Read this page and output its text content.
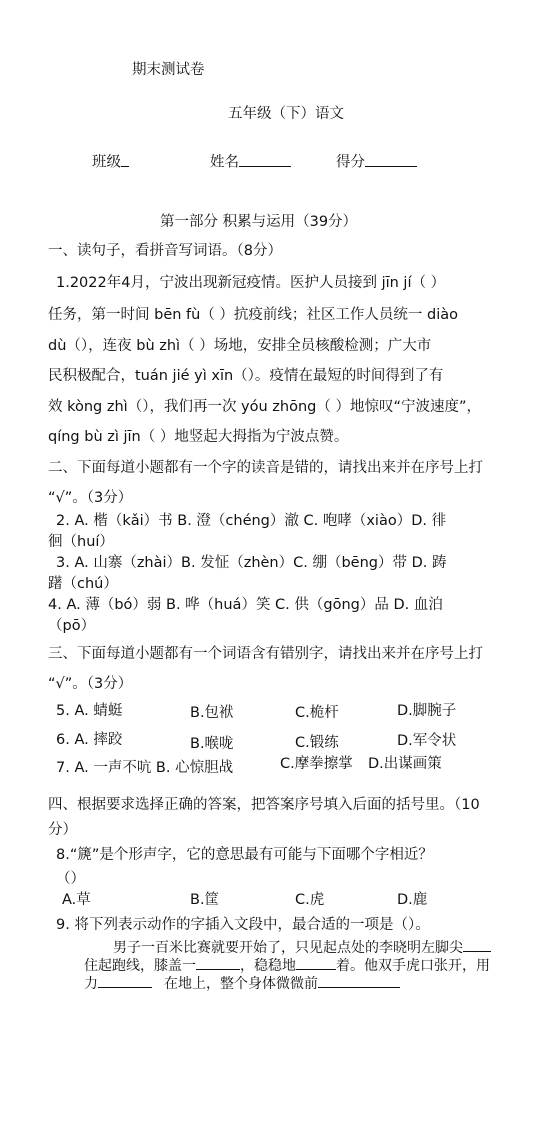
期末测试卷
五年级（下）语文
班级	姓名	得分
第一部分 积累与运用（39分）
一、读句子，看拼音写词语。（8分）
1.2022年4月，宁波出现新冠疫情。医护人员接到 jīn jí（ ）
任务，第一时间 bēn fù（ ）抗疫前线；社区工作人员统一 diào
dù（），连夜 bù zhì（ ）场地，安排全员核酸检测；广大市
民积极配合，tuán jié yì xīn（）。疫情在最短的时间得到了有
效 kòng zhì（），我们再一次 yóu zhōng（ ）地惊叹“宁波速度”，
qíng bù zì jīn（ ）地竖起大拇指为宁波点赞。
二、下面每道小题都有一个字的读音是错的，请找出来并在序号上打
“√”。（3分）
2. A. 楷（kǎi）书 B. 澄（chéng）澈 C. 咆哮（xiào）D. 徘
徊（huí）
3. A. 山寨（zhài）B. 发怔（zhèn）C. 绷（bēng）带 D. 踌
躇（chú）
4. A. 薄（bó）弱 B. 哗（huá）笑 C. 供（gōng）品 D. 血泊
（pō）
三、下面每道小题都有一个词语含有错别字，请找出来并在序号上打
“√”。（3分）
5. A. 蜻蜓	B.包袱	C.桅杆	D.脚腕子
6. A. 摔跤	B.喉咙	C.锻练	D.军令状
7. A. 一声不吭 B. 心惊胆战	C.摩拳擦掌 D.出谋画策
四、根据要求选择正确的答案，把答案序号填入后面的括号里。（10
分）
8.“篪”是个形声字，它的意思最有可能与下面哪个字相近？
（）
A.草	B.筐	C.虎	D.鹿
9. 将下列表示动作的字插入文段中，最合适的一项是（）。
男子一百米比赛就要开始了，只见起点处的李晓明左脚尖
住起跑线，膝盖一	，稳稳地	着。他双手虎口张开，用
力	在地上，整个身体微微前
